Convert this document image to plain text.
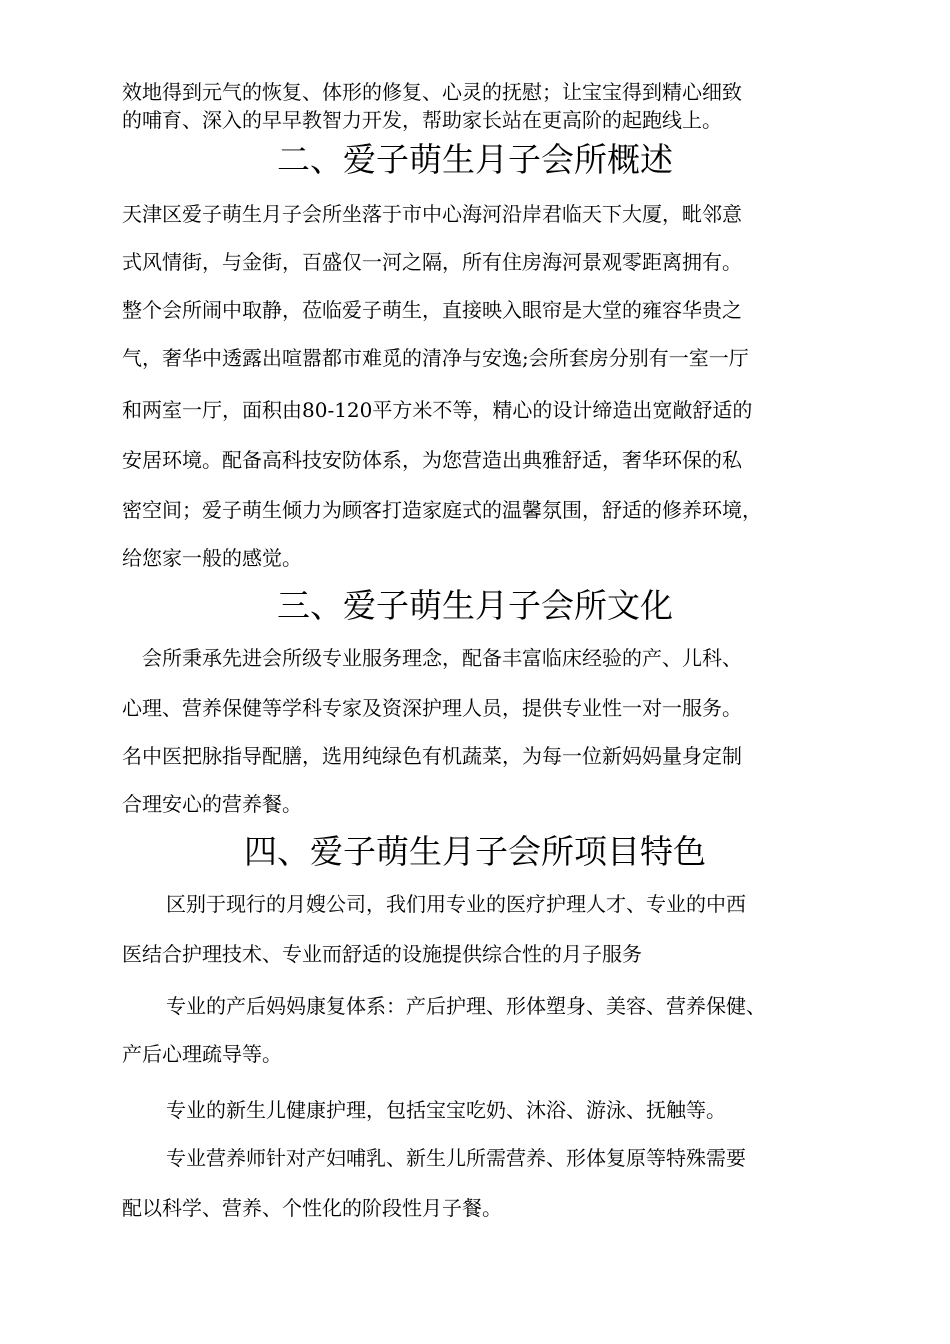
效地得到元气的恢复、体形的修复、心灵的抚慰；让宝宝得到精心细致
的哺育、深入的早早教智力开发，帮助家长站在更高阶的起跑线上。
二、爱子萌生月子会所概述
天津区爱子萌生月子会所坐落于市中心海河沿岸君临天下大厦，毗邻意
式风情街，与金街，百盛仅一河之隔，所有住房海河景观零距离拥有。
整个会所闹中取静，莅临爱子萌生，直接映入眼帘是大堂的雍容华贵之
气，奢华中透露出喧嚣都市难觅的清净与安逸;会所套房分别有一室一厅
和两室一厅，面积由80-120平方米不等，精心的设计缔造出宽敞舒适的
安居环境。配备高科技安防体系，为您营造出典雅舒适，奢华环保的私
密空间；爱子萌生倾力为顾客打造家庭式的温馨氛围，舒适的修养环境，
给您家一般的感觉。
三、爱子萌生月子会所文化
会所秉承先进会所级专业服务理念，配备丰富临床经验的产、儿科、
心理、营养保健等学科专家及资深护理人员，提供专业性一对一服务。
名中医把脉指导配膳，选用纯绿色有机蔬菜，为每一位新妈妈量身定制
合理安心的营养餐。
四、爱子萌生月子会所项目特色
区别于现行的月嫂公司，我们用专业的医疗护理人才、专业的中西
医结合护理技术、专业而舒适的设施提供综合性的月子服务
专业的产后妈妈康复体系：产后护理、形体塑身、美容、营养保健、
产后心理疏导等。
专业的新生儿健康护理，包括宝宝吃奶、沐浴、游泳、抚触等。
专业营养师针对产妇哺乳、新生儿所需营养、形体复原等特殊需要
配以科学、营养、个性化的阶段性月子餐。
